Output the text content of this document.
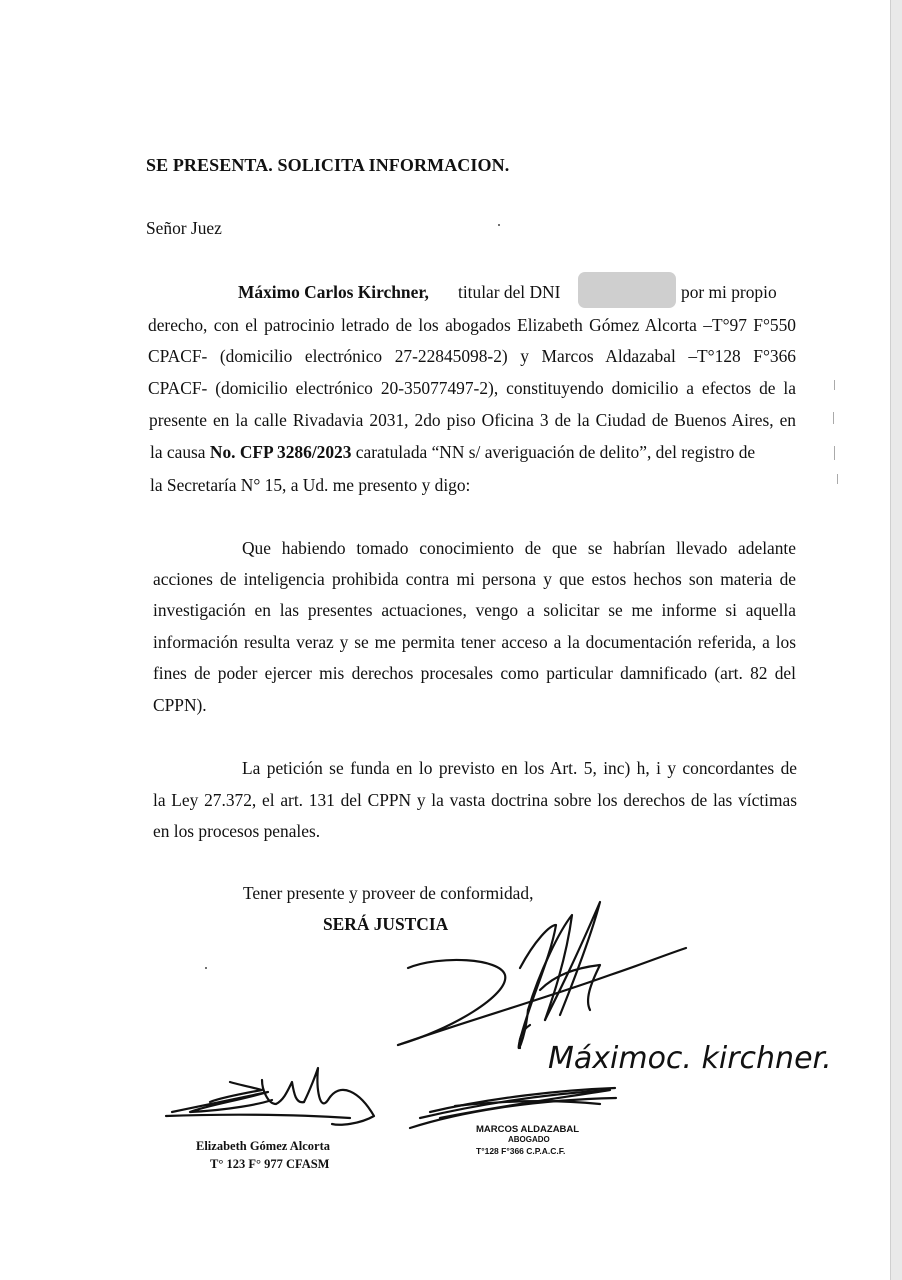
SE PRESENTA. SOLICITA INFORMACION.
Señor Juez
Máximo Carlos Kirchner, titular del DNI	por mi propio
derecho, con el patrocinio letrado de los abogados Elizabeth Gómez Alcorta –T°97 F°550
CPACF- (domicilio electrónico 27-22845098-2) y Marcos Aldazabal –T°128 F°366
CPACF- (domicilio electrónico 20-35077497-2), constituyendo domicilio a efectos de la
presente en la calle Rivadavia 2031, 2do piso Oficina 3 de la Ciudad de Buenos Aires, en
la causa No. CFP 3286/2023 caratulada “NN s/ averiguación de delito”, del registro de
la Secretaría N° 15, a Ud. me presento y digo:
Que habiendo tomado conocimiento de que se habrían llevado adelante
acciones de inteligencia prohibida contra mi persona y que estos hechos son materia de
investigación en las presentes actuaciones, vengo a solicitar se me informe si aquella
información resulta veraz y se me permita tener acceso a la documentación referida, a los
fines de poder ejercer mis derechos procesales como particular damnificado (art. 82 del
CPPN).
La petición se funda en lo previsto en los Art. 5, inc) h, i y concordantes de
la Ley 27.372, el art. 131 del CPPN y la vasta doctrina sobre los derechos de las víctimas
en los procesos penales.
Tener presente y proveer de conformidad,
SERÁ JUSTCIA
Máximoc. kirchner.
Elizabeth Gómez Alcorta
T° 123 F° 977 CFASM
MARCOS ALDAZABAL
ABOGADO
T°128 F°366 C.P.A.C.F.
